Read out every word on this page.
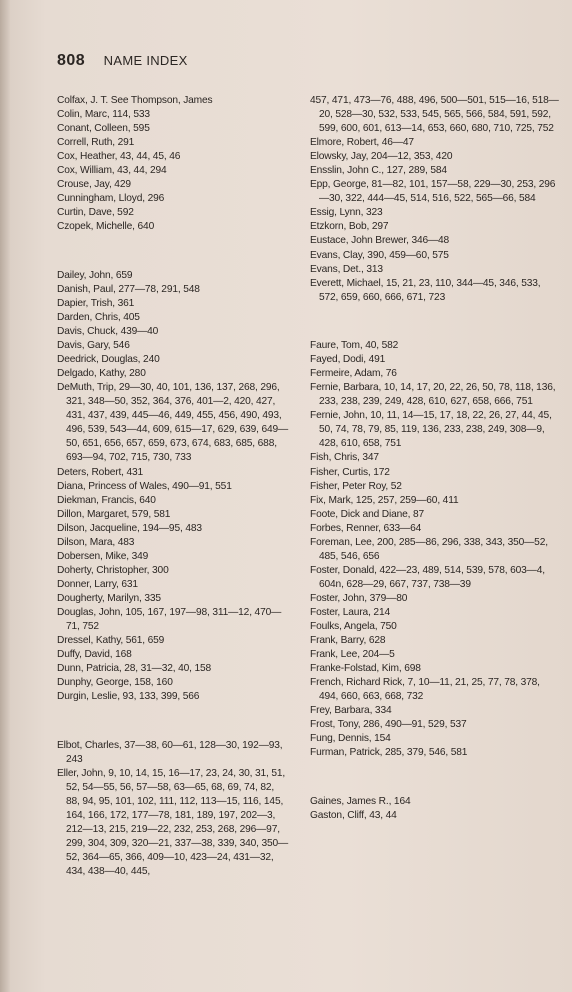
808 NAME INDEX

Colfax, J. T. See Thompson, James

Colin, Marc, 114, 533

Conant, Colleen, 595

Correll, Ruth, 291

Cox, Heather, 43, 44, 45, 46

Cox, William, 43, 44, 294

Crouse, Jay, 429

Cunningham, Lloyd, 296

Curtin, Dave, 592

Czopek, Michelle, 640

Dailey, John, 659

Danish, Paul, 277—78, 291, 548

Dapier, Trish, 361

Darden, Chris, 405

Davis, Chuck, 439—40

Davis, Gary, 546

Deedrick, Douglas, 240

Delgado, Kathy, 280

DeMuth, Trip, 29—30, 40, 101, 136, 137, 268, 296, 321, 348—50, 352, 364, 376, 401—2, 420, 427, 431, 437, 439, 445—46, 449, 455, 456, 490, 493, 496, 539, 543—44, 609, 615—17, 629, 639, 649—50, 651, 656, 657, 659, 673, 674, 683, 685, 688, 693—94, 702, 715, 730, 733

Deters, Robert, 431

Diana, Princess of Wales, 490—91, 551

Diekman, Francis, 640

Dillon, Margaret, 579, 581

Dilson, Jacqueline, 194—95, 483

Dilson, Mara, 483

Dobersen, Mike, 349

Doherty, Christopher, 300

Donner, Larry, 631

Dougherty, Marilyn, 335

Douglas, John, 105, 167, 197—98, 311—12, 470—71, 752

Dressel, Kathy, 561, 659

Duffy, David, 168

Dunn, Patricia, 28, 31—32, 40, 158

Dunphy, George, 158, 160

Durgin, Leslie, 93, 133, 399, 566

Elbot, Charles, 37—38, 60—61, 128—30, 192—93, 243

Eller, John, 9, 10, 14, 15, 16—17, 23, 24, 30, 31, 51, 52, 54—55, 56, 57—58, 63—65, 68, 69, 74, 82, 88, 94, 95, 101, 102, 111, 112, 113—15, 116, 145, 164, 166, 172, 177—78, 181, 189, 197, 202—3, 212—13, 215, 219—22, 232, 253, 268, 296—97, 299, 304, 309, 320—21, 337—38, 339, 340, 350—52, 364—65, 366, 409—10, 423—24, 431—32, 434, 438—40, 445,

457, 471, 473—76, 488, 496, 500—501, 515—16, 518—20, 528—30, 532, 533, 545, 565, 566, 584, 591, 592, 599, 600, 601, 613—14, 653, 660, 680, 710, 725, 752

Elmore, Robert, 46—47

Elowsky, Jay, 204—12, 353, 420

Ensslin, John C., 127, 289, 584

Epp, George, 81—82, 101, 157—58, 229—30, 253, 296—30, 322, 444—45, 514, 516, 522, 565—66, 584

Essig, Lynn, 323

Etzkorn, Bob, 297

Eustace, John Brewer, 346—48

Evans, Clay, 390, 459—60, 575

Evans, Det., 313

Everett, Michael, 15, 21, 23, 110, 344—45, 346, 533, 572, 659, 660, 666, 671, 723

Faure, Tom, 40, 582

Fayed, Dodi, 491

Fermeire, Adam, 76

Fernie, Barbara, 10, 14, 17, 20, 22, 26, 50, 78, 118, 136, 233, 238, 239, 249, 428, 610, 627, 658, 666, 751

Fernie, John, 10, 11, 14—15, 17, 18, 22, 26, 27, 44, 45, 50, 74, 78, 79, 85, 119, 136, 233, 238, 249, 308—9, 428, 610, 658, 751

Fish, Chris, 347

Fisher, Curtis, 172

Fisher, Peter Roy, 52

Fix, Mark, 125, 257, 259—60, 411

Foote, Dick and Diane, 87

Forbes, Renner, 633—64

Foreman, Lee, 200, 285—86, 296, 338, 343, 350—52, 485, 546, 656

Foster, Donald, 422—23, 489, 514, 539, 578, 603—4, 604n, 628—29, 667, 737, 738—39

Foster, John, 379—80

Foster, Laura, 214

Foulks, Angela, 750

Frank, Barry, 628

Frank, Lee, 204—5

Franke-Folstad, Kim, 698

French, Richard Rick, 7, 10—11, 21, 25, 77, 78, 378, 494, 660, 663, 668, 732

Frey, Barbara, 334

Frost, Tony, 286, 490—91, 529, 537

Fung, Dennis, 154

Furman, Patrick, 285, 379, 546, 581

Gaines, James R., 164

Gaston, Cliff, 43, 44
